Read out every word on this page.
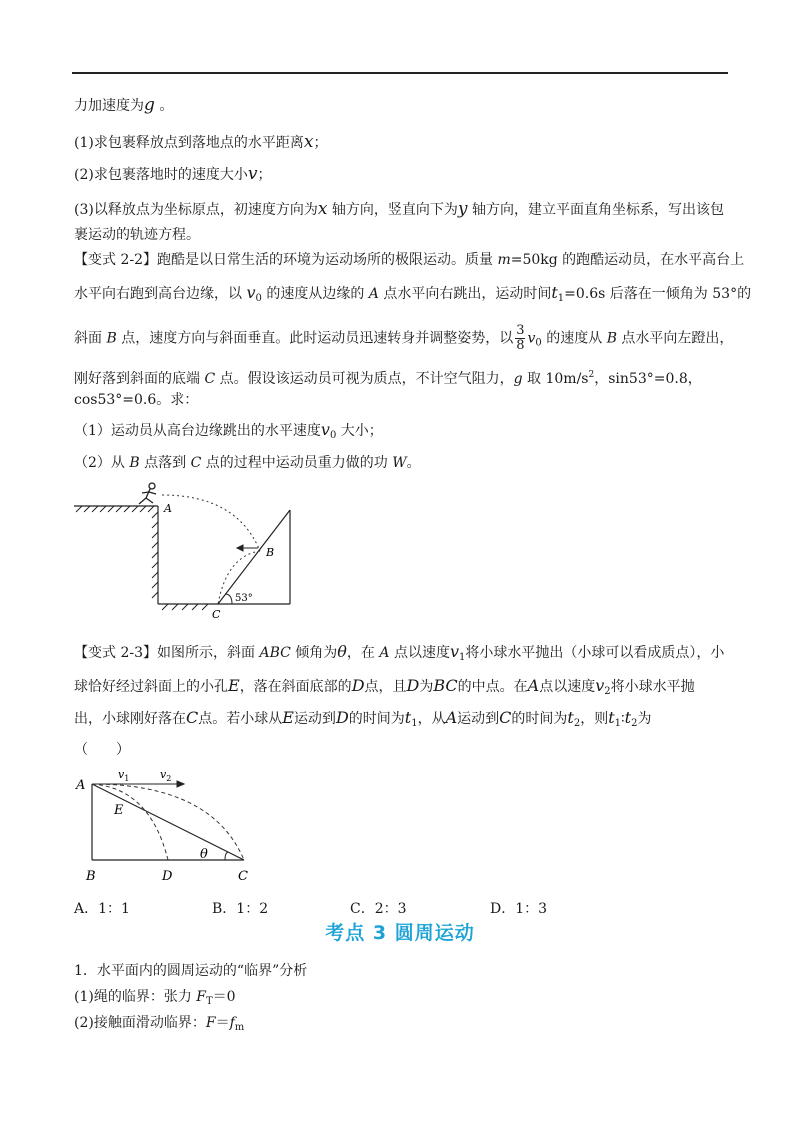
力加速度为g 。
(1)求包裹释放点到落地点的水平距离x；
(2)求包裹落地时的速度大小v；
(3)以释放点为坐标原点，初速度方向为x 轴方向，竖直向下为y 轴方向，建立平面直角坐标系，写出该包
裹运动的轨迹方程。
【变式 2-2】跑酷是以日常生活的环境为运动场所的极限运动。质量 m=50kg 的跑酷运动员，在水平高台上
水平向右跑到高台边缘，以 $v_0$ 的速度从边缘的 A 点水平向右跳出，运动时间$t_1=0.6s$ 后落在一倾角为 53°的
斜面 B 点，速度方向与斜面垂直。此时运动员迅速转身并调整姿势，以 $\frac{3}{8} v_0$ 的速度从 B 点水平向左蹬出，
刚好落到斜面的底端 C 点。假设该运动员可视为质点，不计空气阻力，g 取 $10m/s^2$，sin53°=0.8，
cos53°=0.6。求：
（1）运动员从高台边缘跳出的水平速度$v_0$ 大小；
（2）从 B 点落到 C 点的过程中运动员重力做的功 W。
A
B
C
53°
【变式 2-3】如图所示，斜面 ABC 倾角为θ，在 A 点以速度$v_1$将小球水平抛出（小球可以看成质点），小
球恰好经过斜面上的小孔E，落在斜面底部的D点，且D为BC的中点。在A点以速度$v_2$将小球水平抛
出，小球刚好落在C点。若小球从E运动到D的时间为$t_1$，从A运动到C的时间为$t_2$，则$t_1∶t_2$为
（　　）
A
$v_1$	$v_2$
E
θ
B	D	C
A．1：1	B．1：2	C．2：3	D．1：3
考点 3 圆周运动
1．水平面内的圆周运动的“临界”分析
(1)绳的临界：张力 $F_T=0$
(2)接触面滑动临界：$F=f_m$
